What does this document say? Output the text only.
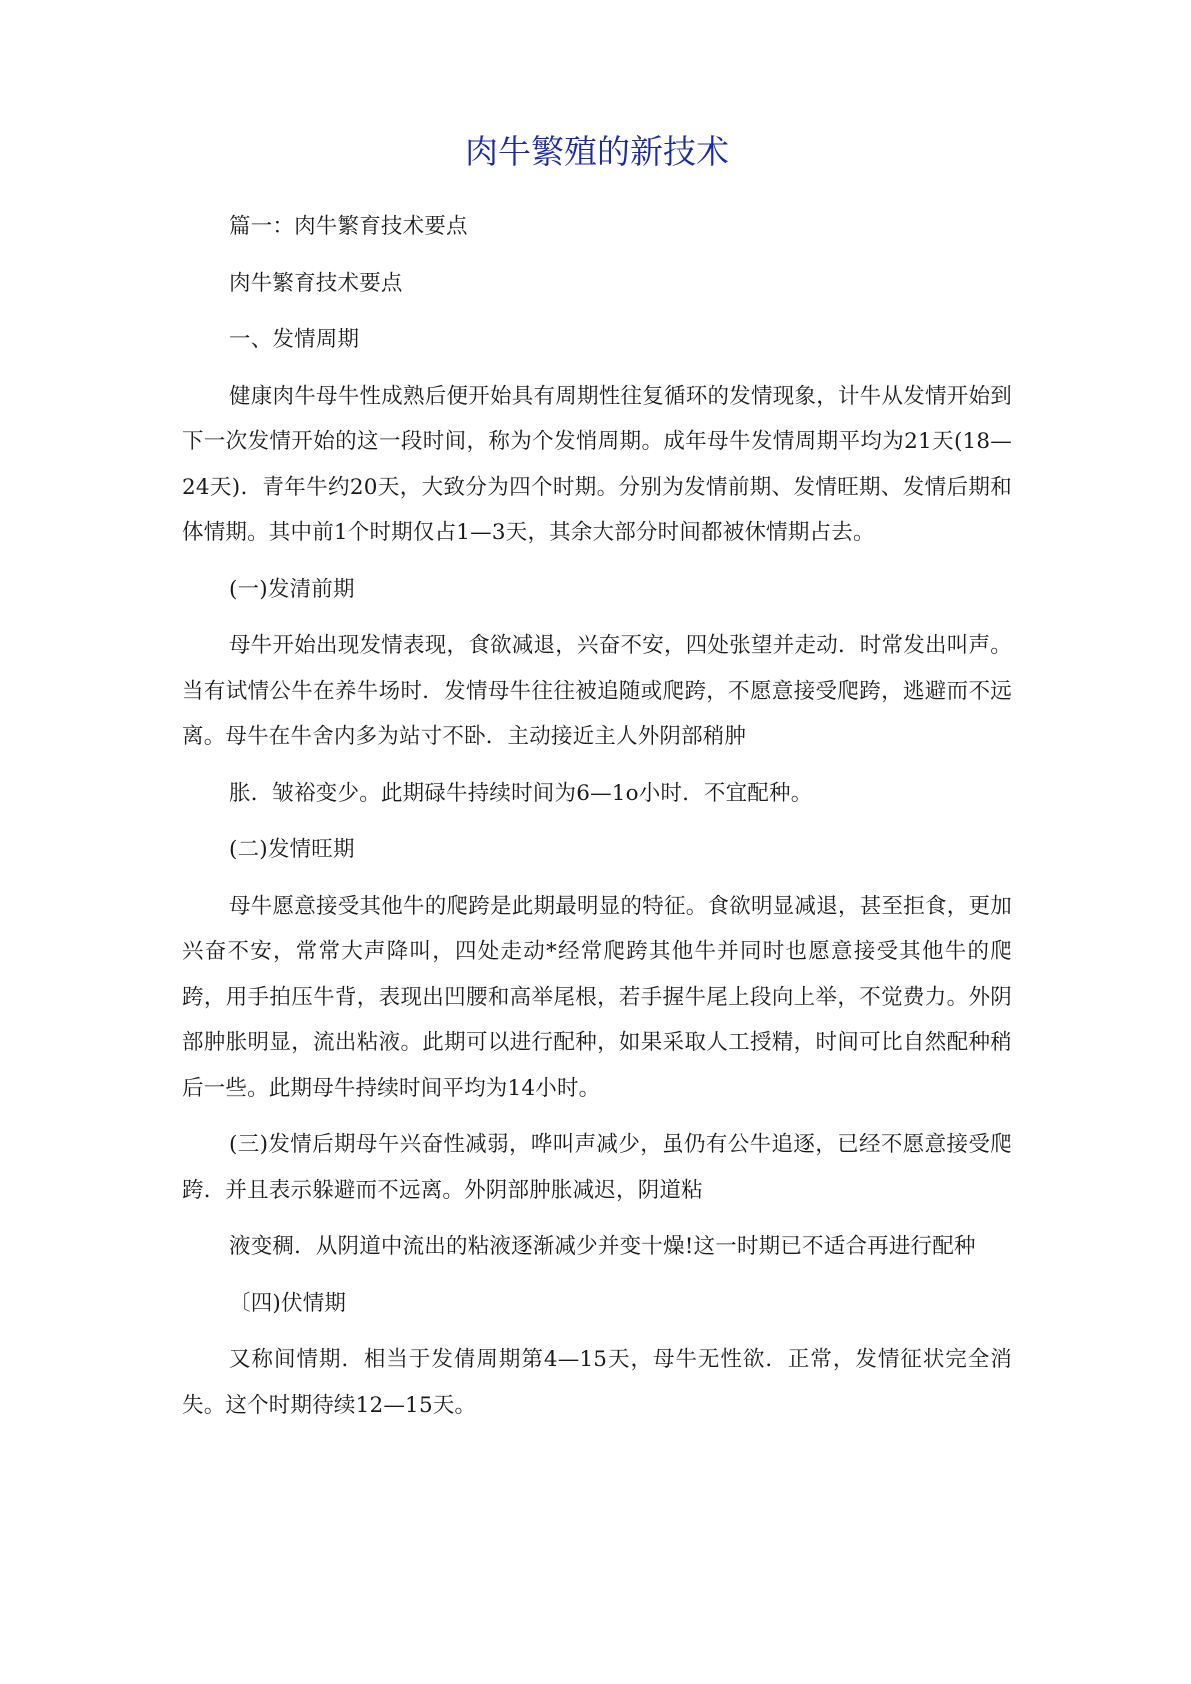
肉牛繁殖的新技术

篇一：肉牛繁育技术要点

肉牛繁育技术要点

一、发情周期

健康肉牛母牛性成熟后便开始具有周期性往复循环的发情现象，计牛从发情开始到下一次发情开始的这一段时间，称为个发悄周期。成年母牛发情周期平均为21天(18—24天)．青年牛约20天，大致分为四个时期。分别为发情前期、发情旺期、发情后期和体情期。其中前1个时期仅占1—3天，其余大部分时间都被休情期占去。

(一)发清前期

母牛开始出现发情表现，食欲减退，兴奋不安，四处张望并走动．时常发出叫声。当有试情公牛在养牛场时．发情母牛往往被追随或爬跨，不愿意接受爬跨，逃避而不远离。母牛在牛舍内多为站寸不卧．主动接近主人外阴部稍肿

胀．皱裕变少。此期碌牛持续时间为6—1o小时．不宜配种。

(二)发情旺期

母牛愿意接受其他牛的爬跨是此期最明显的特征。食欲明显减退，甚至拒食，更加兴奋不安，常常大声降叫，四处走动*经常爬跨其他牛并同时也愿意接受其他牛的爬跨，用手拍压牛背，表现出凹腰和高举尾根，若手握牛尾上段向上举，不觉费力。外阴部肿胀明显，流出粘液。此期可以进行配种，如果采取人工授精，时间可比自然配种稍后一些。此期母牛持续时间平均为14小时。

(三)发情后期母午兴奋性减弱，哗叫声减少，虽仍有公牛追逐，已经不愿意接受爬跨．并且表示躲避而不远离。外阴部肿胀减迟，阴道粘

液变稠．从阴道中流出的粘液逐渐减少并变十燥!这一时期已不适合再进行配种

〔四)伏情期

又称间情期．相当于发倩周期第4—15天，母牛无性欲．正常，发情征状完全消失。这个时期待续12—15天。
